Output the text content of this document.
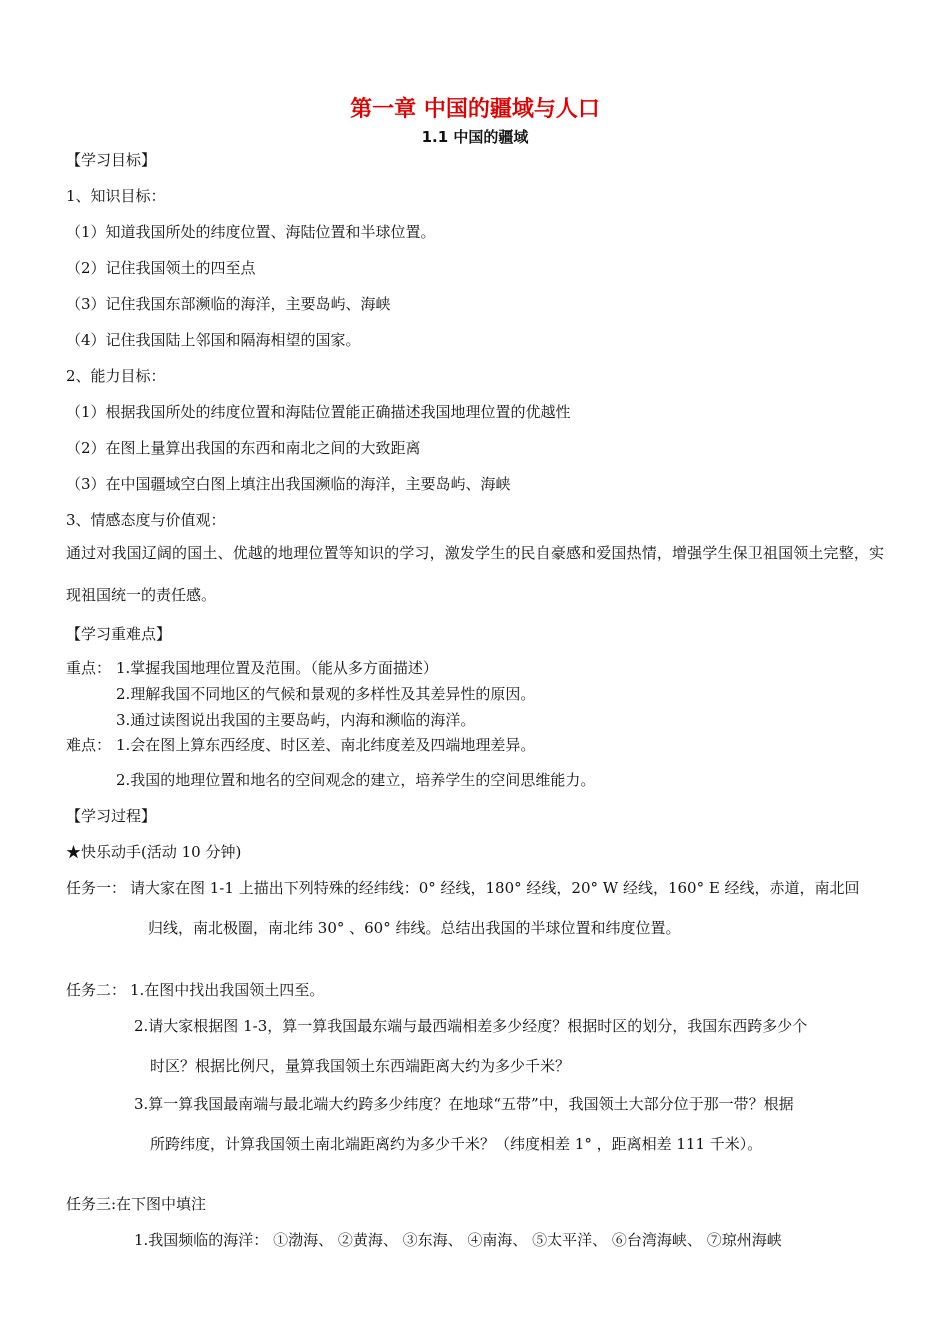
第一章 中国的疆域与人口
1.1 中国的疆域
【学习目标】
1、知识目标：
（1）知道我国所处的纬度位置、海陆位置和半球位置。
（2）记住我国领土的四至点
（3）记住我国东部濒临的海洋，主要岛屿、海峡
（4）记住我国陆上邻国和隔海相望的国家。
2、能力目标：
（1）根据我国所处的纬度位置和海陆位置能正确描述我国地理位置的优越性
（2）在图上量算出我国的东西和南北之间的大致距离
（3）在中国疆域空白图上填注出我国濒临的海洋，主要岛屿、海峡
3、情感态度与价值观：
通过对我国辽阔的国土、优越的地理位置等知识的学习，激发学生的民自豪感和爱国热情，增强学生保卫祖国领土完整，实现祖国统一的责任感。
【学习重难点】
重点： 1.掌握我国地理位置及范围。（能从多方面描述）
2.理解我国不同地区的气候和景观的多样性及其差异性的原因。
3.通过读图说出我国的主要岛屿，内海和濒临的海洋。
难点： 1.会在图上算东西经度、时区差、南北纬度差及四端地理差异。
2.我国的地理位置和地名的空间观念的建立，培养学生的空间思维能力。
【学习过程】
★快乐动手(活动 10 分钟)
任务一： 请大家在图 1-1 上描出下列特殊的经纬线：0° 经线，180° 经线，20° W 经线，160° E 经线，赤道，南北回
归线，南北极圈，南北纬 30° 、60° 纬线。总结出我国的半球位置和纬度位置。
任务二： 1.在图中找出我国领土四至。
2.请大家根据图 1-3，算一算我国最东端与最西端相差多少经度？根据时区的划分，我国东西跨多少个
时区？根据比例尺，量算我国领土东西端距离大约为多少千米？
3.算一算我国最南端与最北端大约跨多少纬度？在地球“五带”中，我国领土大部分位于那一带？根据
所跨纬度，计算我国领土南北端距离约为多少千米？（纬度相差 1° ，距离相差 111 千米）。
任务三:在下图中填注
1.我国频临的海洋： ①渤海、 ②黄海、 ③东海、 ④南海、 ⑤太平洋、 ⑥台湾海峡、 ⑦琼州海峡
